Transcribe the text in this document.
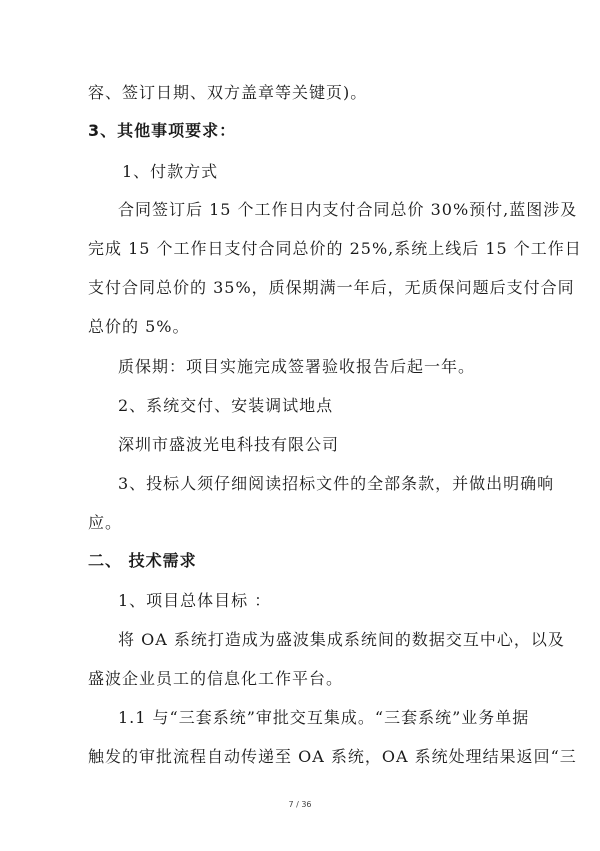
容、签订日期、双方盖章等关键页)。
3、其他事项要求：
1、付款方式
合同签订后 15 个工作日内支付合同总价 30%预付,蓝图涉及
完成 15 个工作日支付合同总价的 25%,系统上线后 15 个工作日
支付合同总价的 35%，质保期满一年后，无质保问题后支付合同
总价的 5%。
质保期：项目实施完成签署验收报告后起一年。
2、系统交付、安装调试地点
深圳市盛波光电科技有限公司
3、投标人须仔细阅读招标文件的全部条款，并做出明确响
应。
二、 技术需求
1、项目总体目标 ：
将 OA 系统打造成为盛波集成系统间的数据交互中心，以及
盛波企业员工的信息化工作平台。
1.1 与“三套系统”审批交互集成。“三套系统”业务单据
触发的审批流程自动传递至 OA 系统，OA 系统处理结果返回“三
7 / 36
